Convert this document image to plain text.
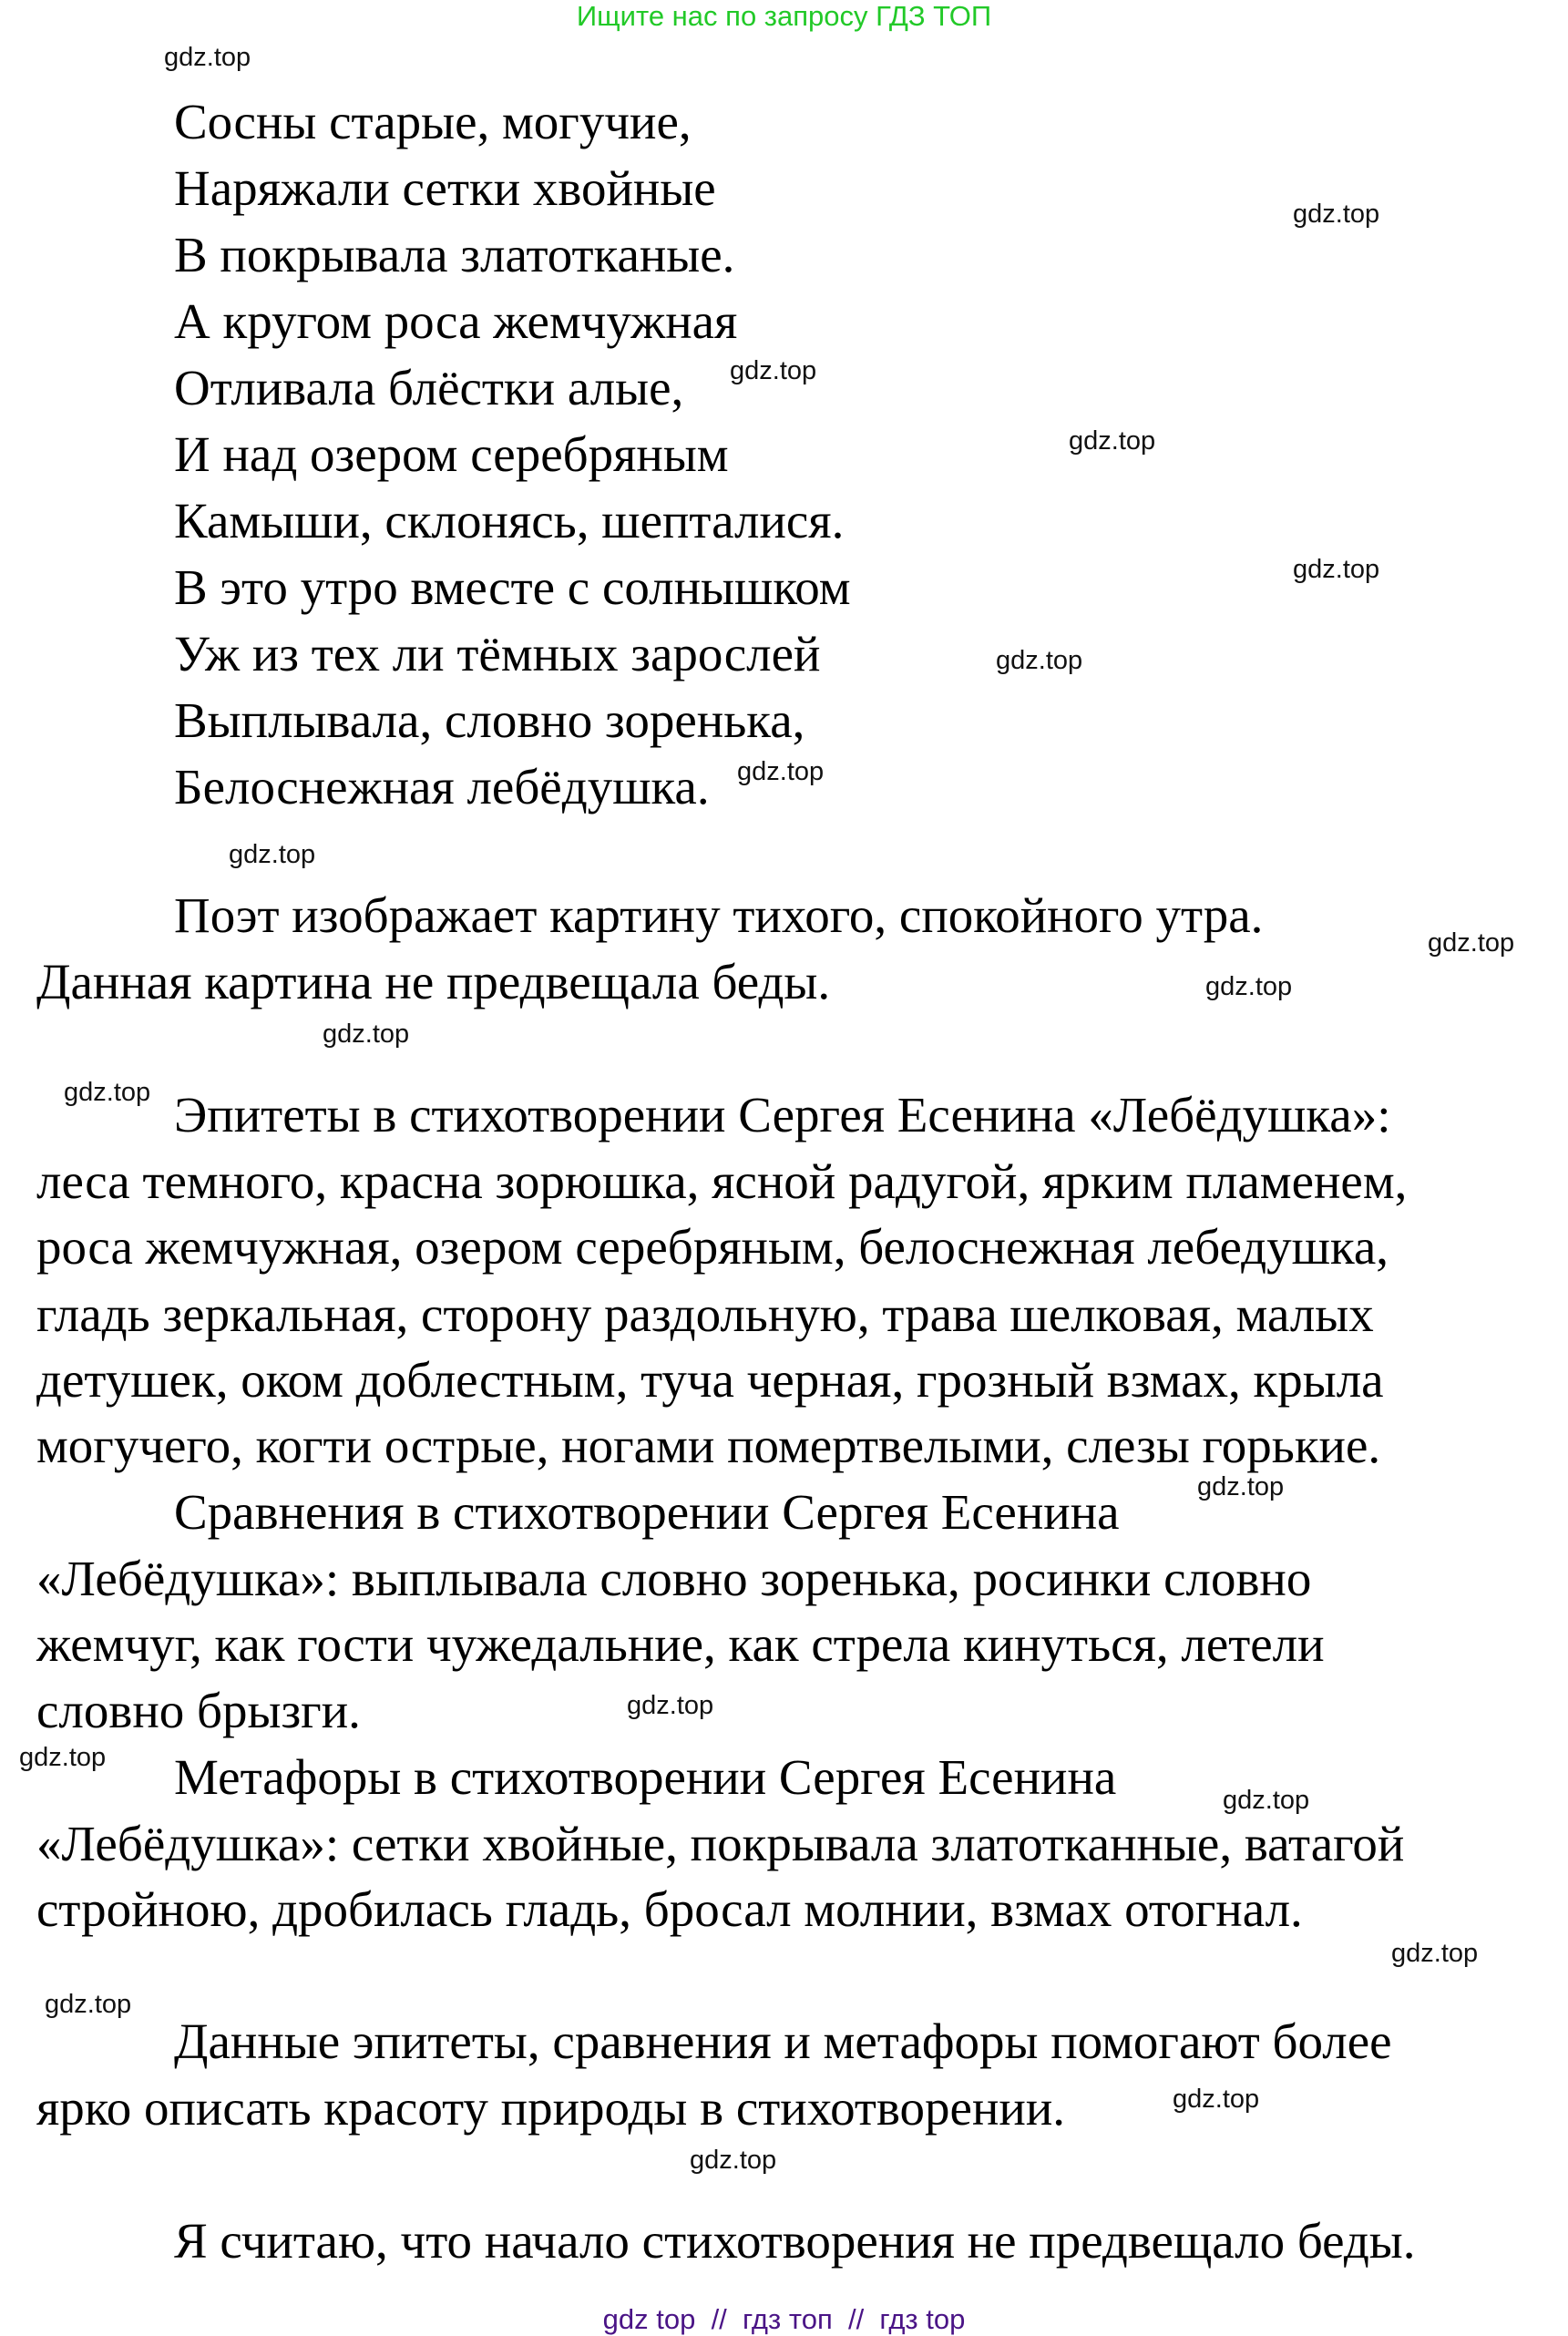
Ищите нас по запросу ГДЗ ТОП
Сосны старые, могучие,
Наряжали сетки хвойные
В покрывала златотканые.
А кругом роса жемчужная
Отливала блёстки алые,
И над озером серебряным
Камыши, склонясь, шепталися.
В это утро вместе с солнышком
Уж из тех ли тёмных зарослей
Выплывала, словно зоренька,
Белоснежная лебёдушка.
Поэт изображает картину тихого, спокойного утра.
Данная картина не предвещала беды.
Эпитеты в стихотворении Сергея Есенина «Лебёдушка»:
леса темного, красна зорюшка, ясной радугой, ярким пламенем,
роса жемчужная, озером серебряным, белоснежная лебедушка,
гладь зеркальная, сторону раздольную, трава шелковая, малых
детушек, оком доблестным, туча черная, грозный взмах, крыла
могучего, когти острые, ногами помертвелыми, слезы горькие.
Сравнения в стихотворении Сергея Есенина
«Лебёдушка»: выплывала словно зоренька, росинки словно
жемчуг, как гости чужедальние, как стрела кинуться, летели
словно брызги.
Метафоры в стихотворении Сергея Есенина
«Лебёдушка»: сетки хвойные, покрывала златотканные, ватагой
стройною, дробилась гладь, бросал молнии, взмах отогнал.
Данные эпитеты, сравнения и метафоры помогают более
ярко описать красоту природы в стихотворении.
Я считаю, что начало стихотворения не предвещало беды.
gdz.top
gdz.top
gdz.top
gdz.top
gdz.top
gdz.top
gdz.top
gdz.top
gdz.top
gdz.top
gdz.top
gdz.top
gdz.top
gdz.top
gdz.top
gdz.top
gdz.top
gdz.top
gdz.top
gdz.top
gdz top  //  гдз топ  //  гдз top
